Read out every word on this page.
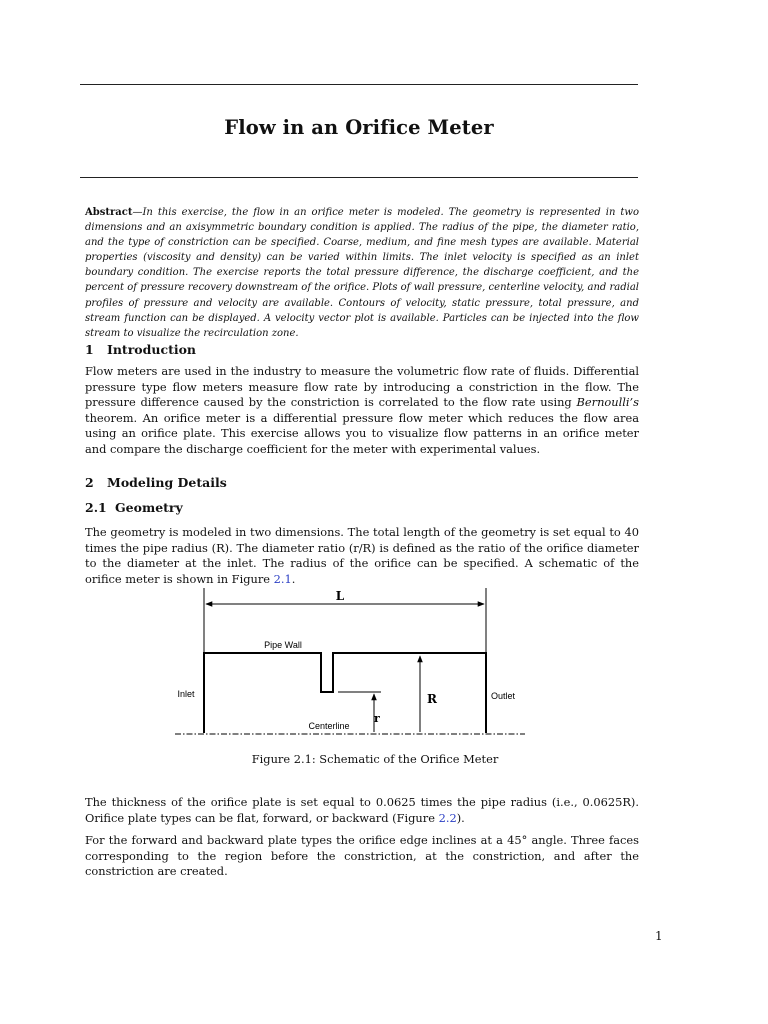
Flow in an Orifice Meter

Abstract—In this exercise, the flow in an orifice meter is modeled. The geometry is represented in two dimensions and an axisymmetric boundary condition is applied. The radius of the pipe, the diameter ratio, and the type of constriction can be specified. Coarse, medium, and fine mesh types are available. Material properties (viscosity and density) can be varied within limits. The inlet velocity is specified as an inlet boundary condition. The exercise reports the total pressure difference, the discharge coefficient, and the percent of pressure recovery downstream of the orifice. Plots of wall pressure, centerline velocity, and radial profiles of pressure and velocity are available. Contours of velocity, static pressure, total pressure, and stream function can be displayed. A velocity vector plot is available. Particles can be injected into the flow stream to visualize the recirculation zone.

1 Introduction

Flow meters are used in the industry to measure the volumetric flow rate of fluids. Differential pressure type flow meters measure flow rate by introducing a constriction in the flow. The pressure difference caused by the constriction is correlated to the flow rate using Bernoulli’s theorem. An orifice meter is a differential pressure flow meter which reduces the flow area using an orifice plate. This exercise allows you to visualize flow patterns in an orifice meter and compare the discharge coefficient for the meter with experimental values.

2 Modeling Details
2.1 Geometry

The geometry is modeled in two dimensions. The total length of the geometry is set equal to 40 times the pipe radius (R). The diameter ratio (r/R) is defined as the ratio of the orifice diameter to the diameter at the inlet. The radius of the orifice can be specified. A schematic of the orifice meter is shown in Figure 2.1.

L
Pipe Wall
Inlet	Outlet
R
r
Centerline

Figure 2.1: Schematic of the Orifice Meter

The thickness of the orifice plate is set equal to 0.0625 times the pipe radius (i.e., 0.0625R). Orifice plate types can be flat, forward, or backward (Figure 2.2).

For the forward and backward plate types the orifice edge inclines at a 45° angle. Three faces corresponding to the region before the constriction, at the constriction, and after the constriction are created.

1
